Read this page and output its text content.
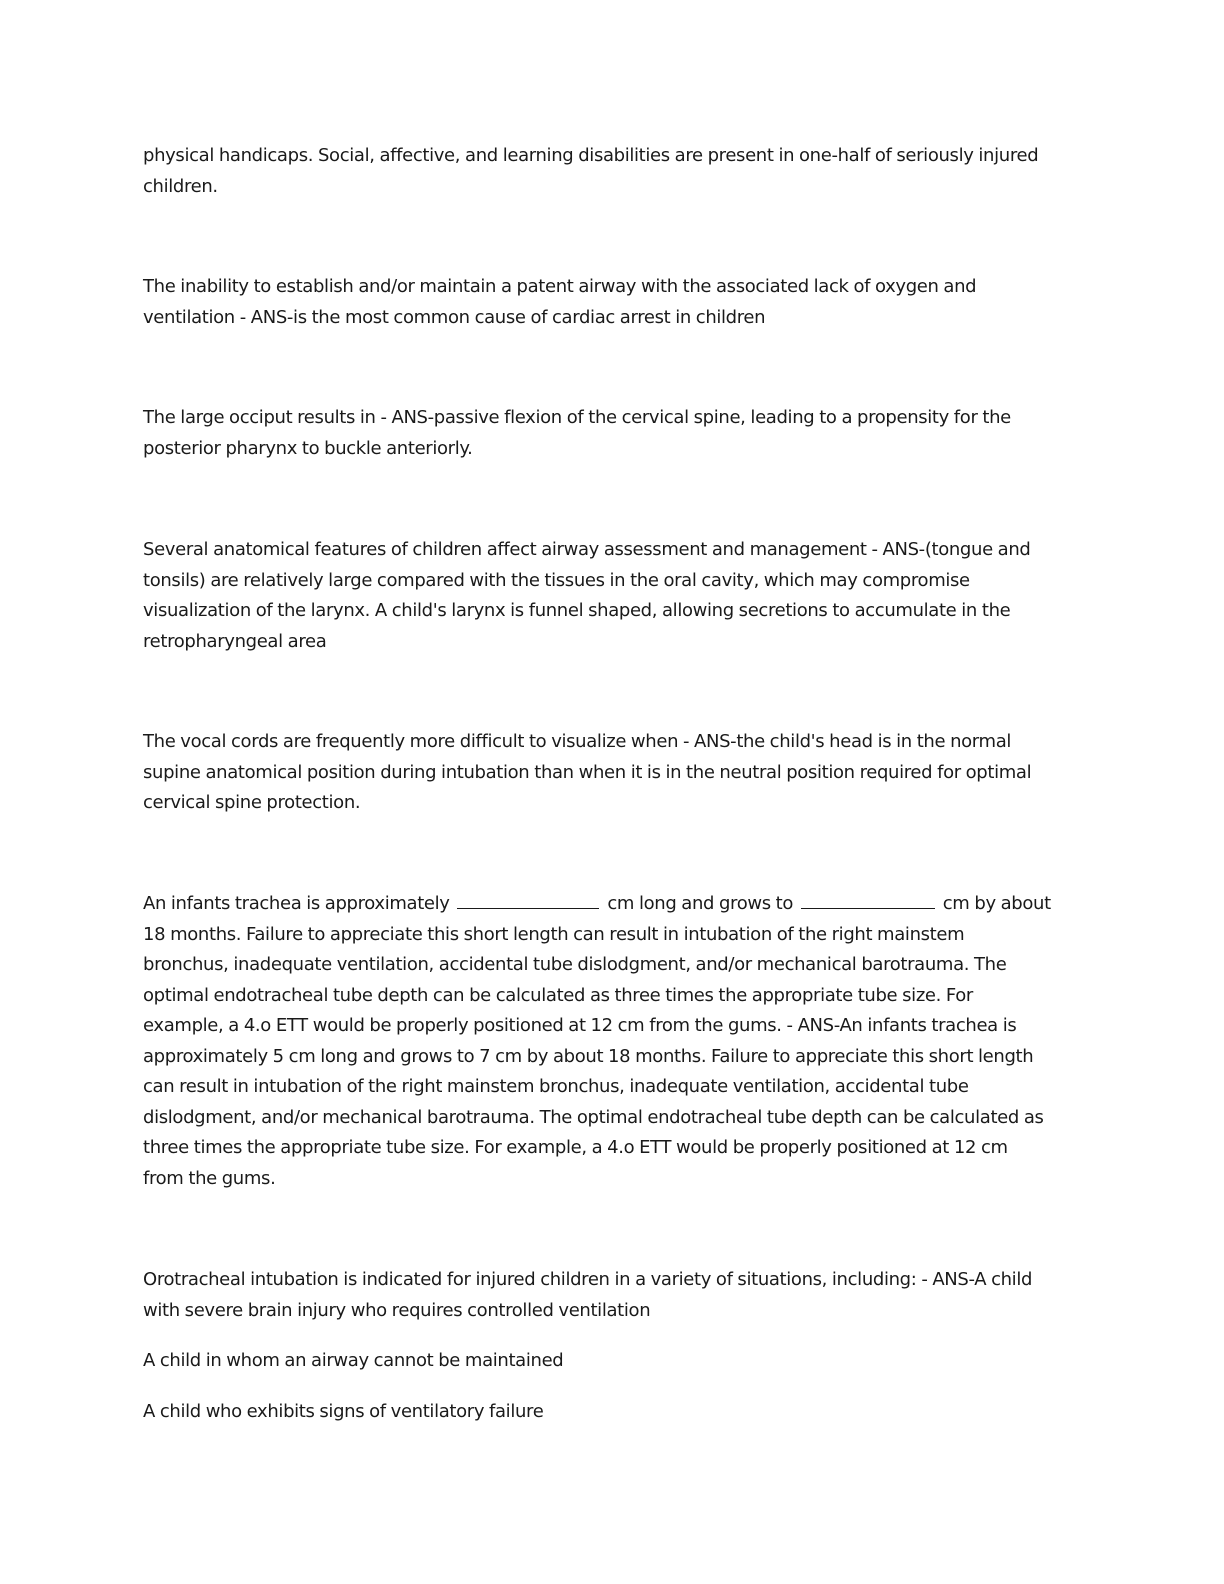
physical handicaps. Social, affective, and learning disabilities are present in one-half of seriously injured
children.

The inability to establish and/or maintain a patent airway with the associated lack of oxygen and
ventilation - ANS-is the most common cause of cardiac arrest in children

The large occiput results in - ANS-passive flexion of the cervical spine, leading to a propensity for the
posterior pharynx to buckle anteriorly.

Several anatomical features of children affect airway assessment and management - ANS-(tongue and
tonsils) are relatively large compared with the tissues in the oral cavity, which may compromise
visualization of the larynx. A child's larynx is funnel shaped, allowing secretions to accumulate in the
retropharyngeal area

The vocal cords are frequently more difficult to visualize when - ANS-the child's head is in the normal
supine anatomical position during intubation than when it is in the neutral position required for optimal
cervical spine protection.

An infants trachea is approximately	cm long and grows to	cm by about
18 months. Failure to appreciate this short length can result in intubation of the right mainstem
bronchus, inadequate ventilation, accidental tube dislodgment, and/or mechanical barotrauma. The
optimal endotracheal tube depth can be calculated as three times the appropriate tube size. For
example, a 4.o ETT would be properly positioned at 12 cm from the gums. - ANS-An infants trachea is
approximately 5 cm long and grows to 7 cm by about 18 months. Failure to appreciate this short length
can result in intubation of the right mainstem bronchus, inadequate ventilation, accidental tube
dislodgment, and/or mechanical barotrauma. The optimal endotracheal tube depth can be calculated as
three times the appropriate tube size. For example, a 4.o ETT would be properly positioned at 12 cm
from the gums.

Orotracheal intubation is indicated for injured children in a variety of situations, including: - ANS-A child
with severe brain injury who requires controlled ventilation

A child in whom an airway cannot be maintained

A child who exhibits signs of ventilatory failure
